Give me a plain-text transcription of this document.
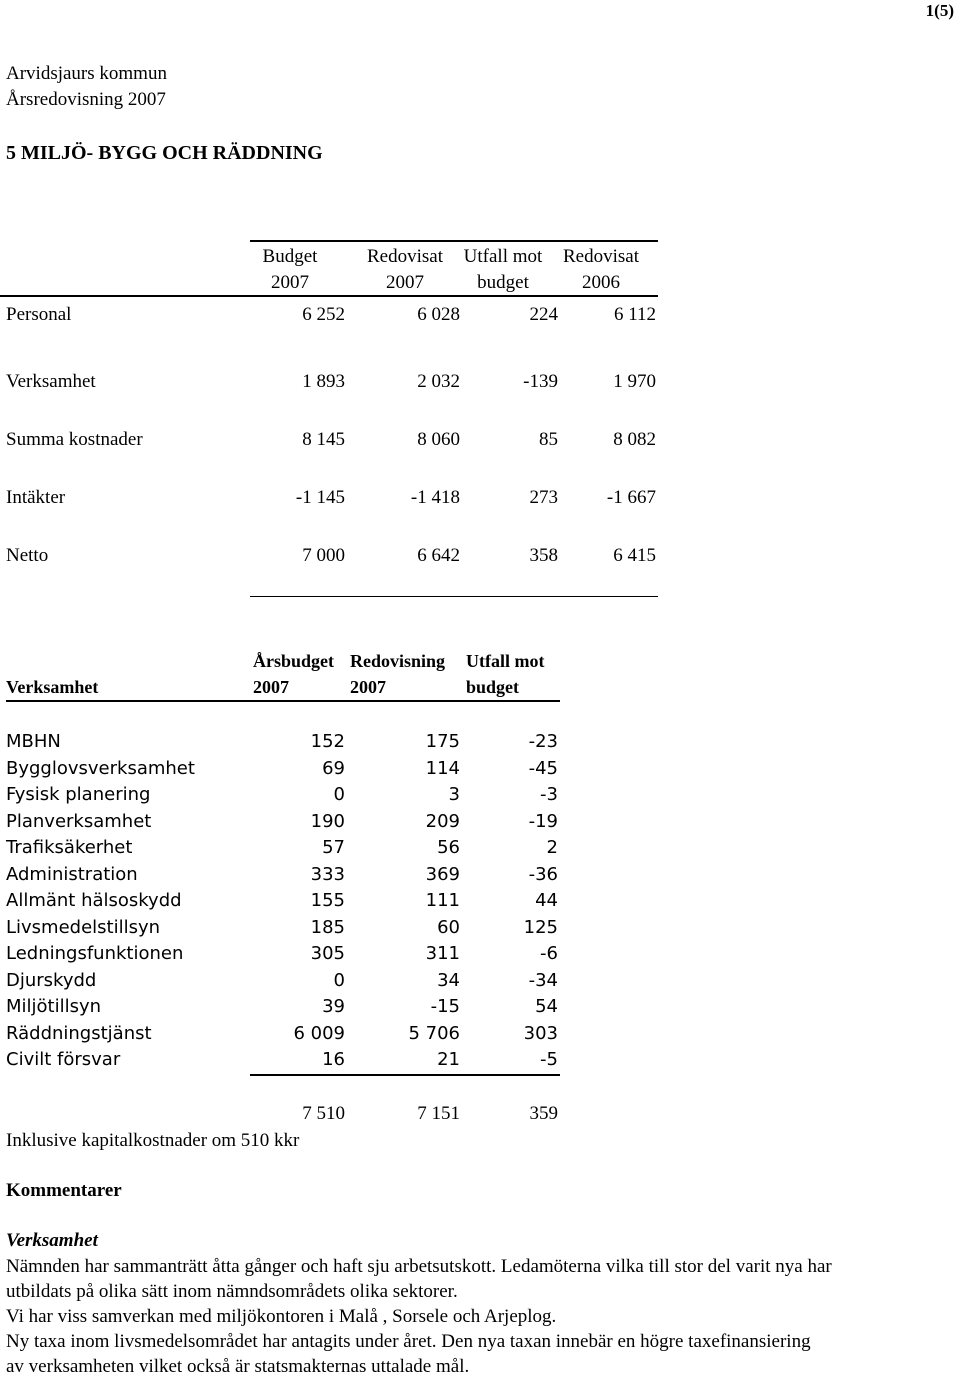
1(5)
Arvidsjaurs kommun
Årsredovisning 2007
5 MILJÖ- BYGG OCH RÄDDNING
Budget
2007
Redovisat
2007
Utfall mot
budget
Redovisat
2006
Personal	6 252	6 028	224	6 112
Verksamhet	1 893	2 032	-139	1 970
Summa kostnader	8 145	8 060	85	8 082
Intäkter	-1 145	-1 418	273	-1 667
Netto	7 000	6 642	358	6 415
Verksamhet
Årsbudget
2007
Redovisning
2007
Utfall mot
budget
MBHN	152	175	-23
Bygglovsverksamhet	69	114	-45
Fysisk planering	0	3	-3
Planverksamhet	190	209	-19
Trafiksäkerhet	57	56	2
Administration	333	369	-36
Allmänt hälsoskydd	155	111	44
Livsmedelstillsyn	185	60	125
Ledningsfunktionen	305	311	-6
Djurskydd	0	34	-34
Miljötillsyn	39	-15	54
Räddningstjänst	6 009	5 706	303
Civilt försvar	16	21	-5
7 510	7 151	359
Inklusive kapitalkostnader om 510 kkr
Kommentarer
Verksamhet
Nämnden har sammanträtt åtta gånger och haft sju arbetsutskott. Ledamöterna vilka till stor del varit nya har
utbildats på olika sätt inom nämndsområdets olika sektorer.
Vi har viss samverkan med miljökontoren i Malå , Sorsele och Arjeplog.
Ny taxa inom livsmedelsområdet har antagits under året. Den nya taxan innebär en högre taxefinansiering
av verksamheten vilket också är statsmakternas uttalade mål.
